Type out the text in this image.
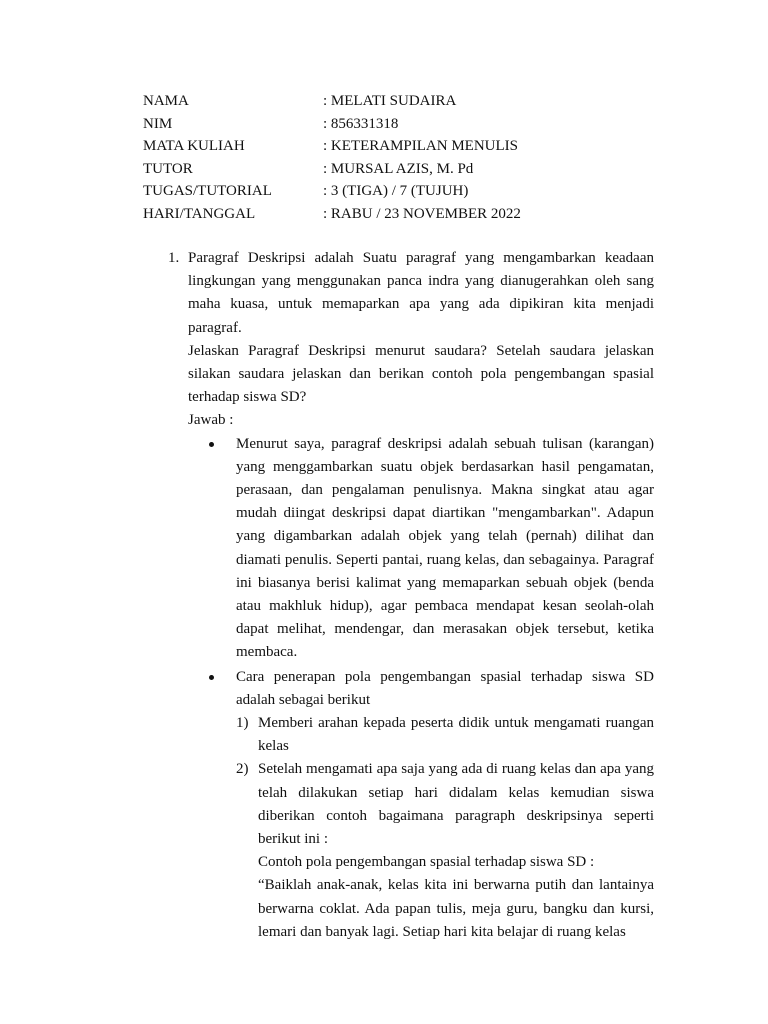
NAMA	: MELATI SUDAIRA
NIM	: 856331318
MATA KULIAH	: KETERAMPILAN MENULIS
TUTOR	: MURSAL AZIS, M. Pd
TUGAS/TUTORIAL	: 3 (TIGA) / 7 (TUJUH)
HARI/TANGGAL	: RABU / 23 NOVEMBER 2022
1. Paragraf Deskripsi adalah Suatu paragraf yang mengambarkan keadaan lingkungan yang menggunakan panca indra yang dianugerahkan oleh sang maha kuasa, untuk memaparkan apa yang ada dipikiran kita menjadi paragraf.

Jelaskan Paragraf Deskripsi menurut saudara? Setelah saudara jelaskan silakan saudara jelaskan dan berikan contoh pola pengembangan spasial terhadap siswa SD?

Jawab :

Menurut saya, paragraf deskripsi adalah sebuah tulisan (karangan) yang menggambarkan suatu objek berdasarkan hasil pengamatan, perasaan, dan pengalaman penulisnya. Makna singkat atau agar mudah diingat deskripsi dapat diartikan "mengambarkan". Adapun yang digambarkan adalah objek yang telah (pernah) dilihat dan diamati penulis. Seperti pantai, ruang kelas, dan sebagainya. Paragraf ini biasanya berisi kalimat yang memaparkan sebuah objek (benda atau makhluk hidup), agar pembaca mendapat kesan seolah-olah dapat melihat, mendengar, dan merasakan objek tersebut, ketika membaca.

Cara penerapan pola pengembangan spasial terhadap siswa SD adalah sebagai berikut

1) Memberi arahan kepada peserta didik untuk mengamati ruangan kelas

2) Setelah mengamati apa saja yang ada di ruang kelas dan apa yang telah dilakukan setiap hari didalam kelas kemudian siswa diberikan contoh bagaimana paragraph deskripsinya seperti berikut ini :

Contoh pola pengembangan spasial terhadap siswa SD :

“Baiklah anak-anak, kelas kita ini berwarna putih dan lantainya berwarna coklat. Ada papan tulis, meja guru, bangku dan kursi, lemari dan banyak lagi. Setiap hari kita belajar di ruang kelas
